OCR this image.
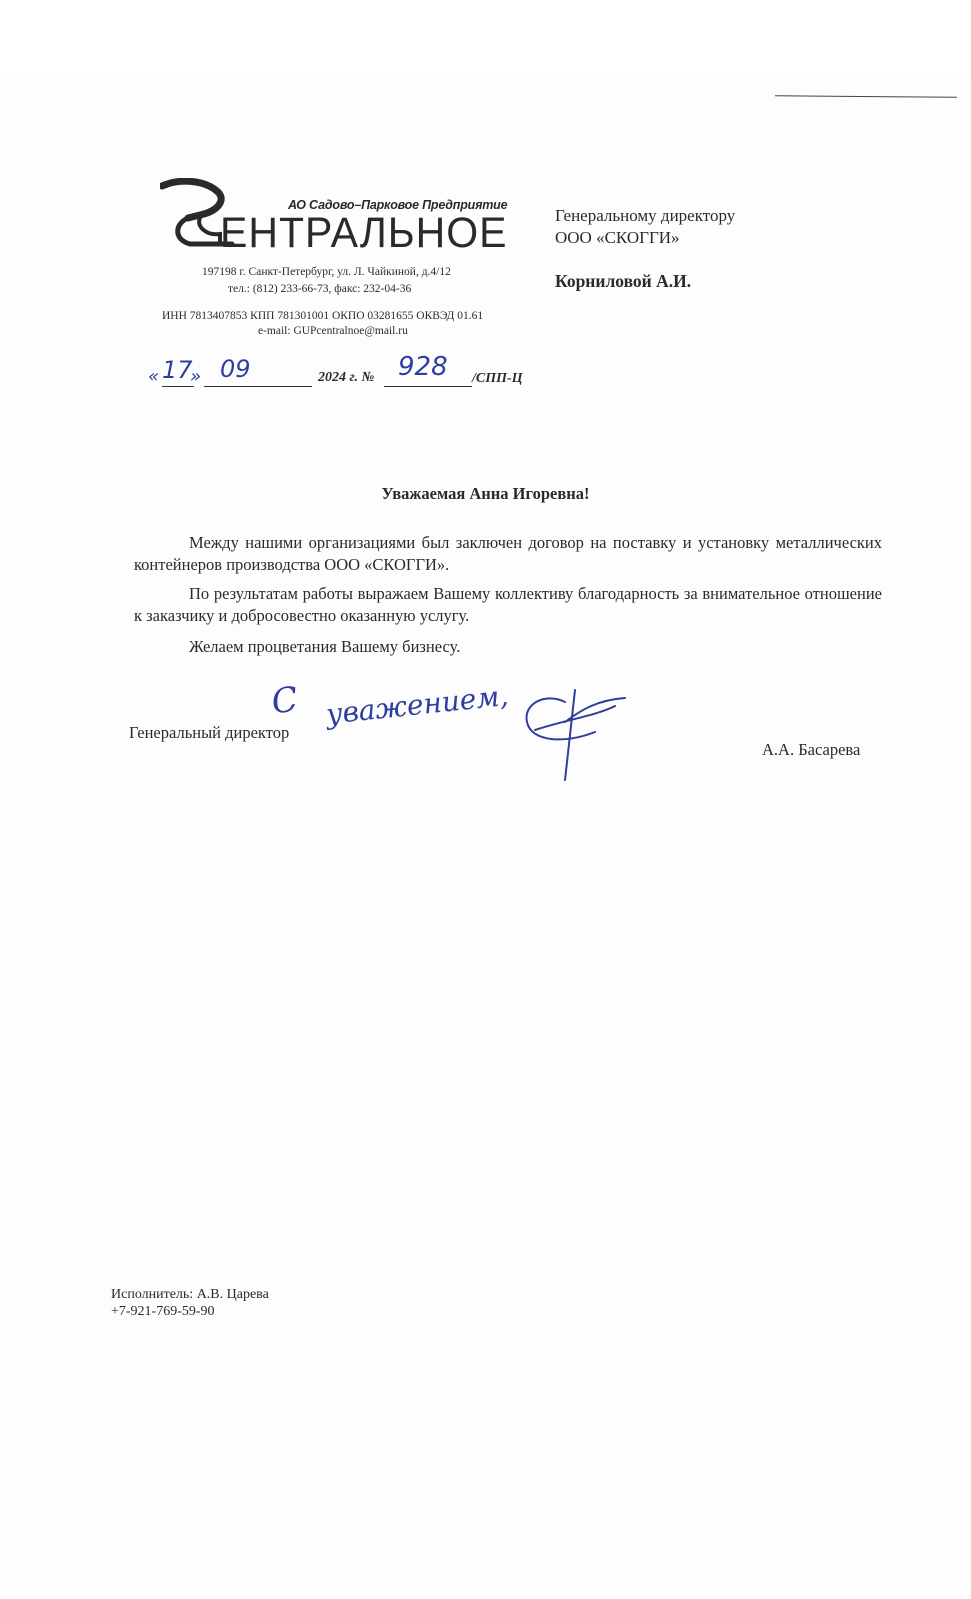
АО Садово–Парковое Предприятие
ЕНТРАЛЬНОЕ
197198 г. Санкт-Петербург, ул. Л. Чайкиной, д.4/12
тел.: (812) 233-66-73, факс: 232-04-36
ИНН 7813407853 КПП 781301001 ОКПО 03281655 ОКВЭД 01.61
e-mail: GUPcentralnoe@mail.ru
« 17
» 09	2024 г. № 928 /СПП-Ц
Генеральному директору
ООО «СКОГГИ»
Корниловой А.И.
Уважаемая Анна Игоревна!
Между нашими организациями был заключен договор на поставку и установку металлических контейнеров производства ООО «СКОГГИ».
По результатам работы выражаем Вашему коллективу благодарность за внимательное отношение к заказчику и добросовестно оказанную услугу.
Желаем процветания Вашему бизнесу.
Генеральный директор
С уважением,
А.А. Басарева
Исполнитель: А.В. Царева
+7-921-769-59-90
